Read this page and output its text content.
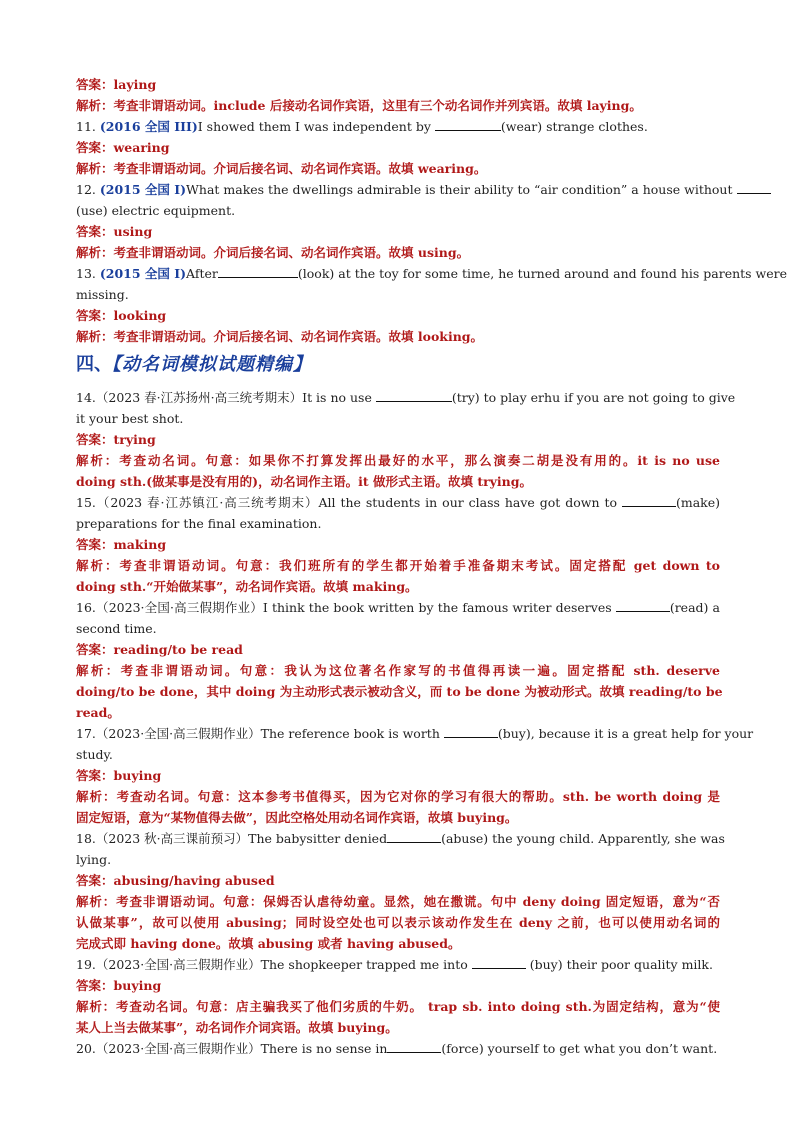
答案：laying
解析：考查非谓语动词。include 后接动名词作宾语，这里有三个动名词作并列宾语。故填 laying。
11. (2016 全国 III)I showed them I was independent by	(wear) strange clothes.
答案：wearing
解析：考查非谓语动词。介词后接名词、动名词作宾语。故填 wearing。
12. (2015 全国 I)What makes the dwellings admirable is their ability to “air condition” a house without
(use) electric equipment.
答案：using
解析：考查非谓语动词。介词后接名词、动名词作宾语。故填 using。
13. (2015 全国 I)After	(look) at the toy for some time, he turned around and found his parents were
missing.
答案：looking
解析：考查非谓语动词。介词后接名词、动名词作宾语。故填 looking。
四、【动名词模拟试题精编】
14.（2023 春·江苏扬州·高三统考期末）It is no use	(try) to play erhu if you are not going to give
it your best shot.
答案：trying
解析：考查动名词。句意：如果你不打算发挥出最好的水平，那么演奏二胡是没有用的。it is no use
doing sth.(做某事是没有用的)，动名词作主语。it 做形式主语。故填 trying。
15.（2023 春·江苏镇江·高三统考期末）All the students in our class have got down to	(make)
preparations for the final examination.
答案：making
解析：考查非谓语动词。句意：我们班所有的学生都开始着手准备期末考试。固定搭配 get down to
doing sth.“开始做某事”，动名词作宾语。故填 making。
16.（2023·全国·高三假期作业）I think the book written by the famous writer deserves	(read) a
second time.
答案：reading/to be read
解析：考查非谓语动词。句意：我认为这位著名作家写的书值得再读一遍。固定搭配 sth. deserve
doing/to be done，其中 doing 为主动形式表示被动含义，而 to be done 为被动形式。故填 reading/to be
read。
17.（2023·全国·高三假期作业）The reference book is worth	(buy), because it is a great help for your
study.
答案：buying
解析：考查动名词。句意：这本参考书值得买，因为它对你的学习有很大的帮助。sth. be worth doing 是
固定短语，意为“某物值得去做”，因此空格处用动名词作宾语，故填 buying。
18.（2023 秋·高三课前预习）The babysitter denied	(abuse) the young child. Apparently, she was
lying.
答案：abusing/having abused
解析：考查非谓语动词。句意：保姆否认虐待幼童。显然，她在撒谎。句中 deny doing 固定短语，意为“否
认做某事”，故可以使用 abusing；同时设空处也可以表示该动作发生在 deny 之前，也可以使用动名词的
完成式即 having done。故填 abusing 或者 having abused。
19.（2023·全国·高三假期作业）The shopkeeper trapped me into	(buy) their poor quality milk.
答案：buying
解析：考查动名词。句意：店主骗我买了他们劣质的牛奶。 trap sb. into doing sth.为固定结构，意为“使
某人上当去做某事”，动名词作介词宾语。故填 buying。
20.（2023·全国·高三假期作业）There is no sense in	(force) yourself to get what you don’t want.
